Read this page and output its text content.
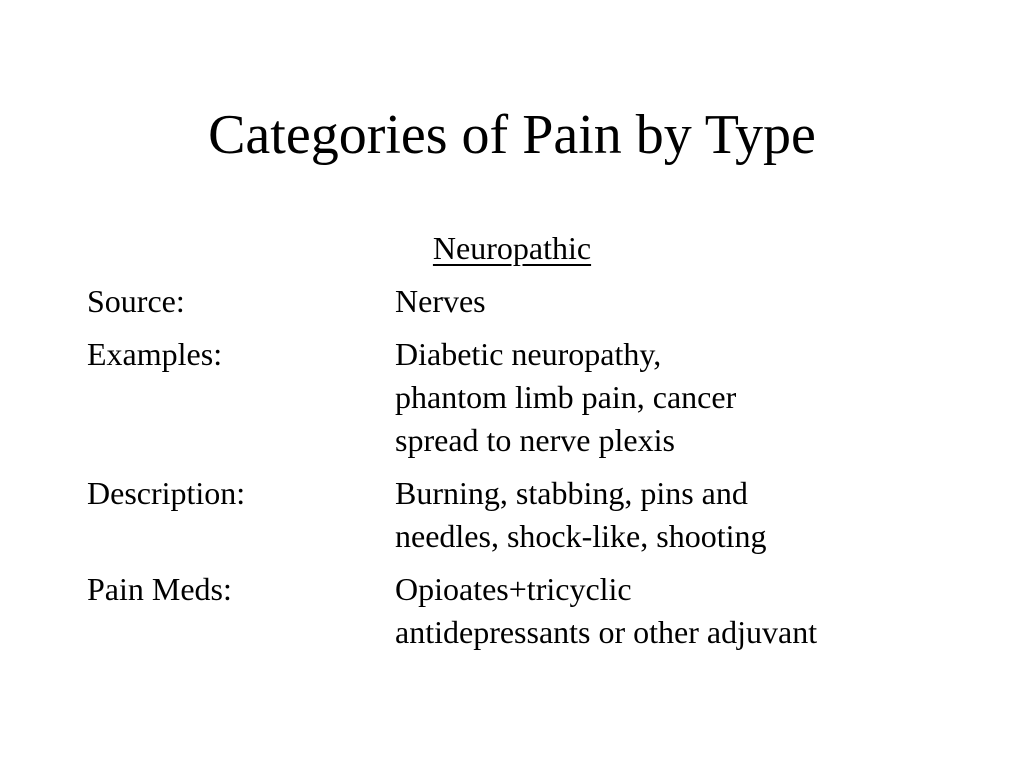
Categories of Pain by Type
Neuropathic
Source:	Nerves
Examples:	Diabetic neuropathy,
phantom limb pain, cancer
spread to nerve plexis
Description:	Burning, stabbing, pins and
needles, shock-like, shooting
Pain Meds:	Opioates+tricyclic
antidepressants or other adjuvant
